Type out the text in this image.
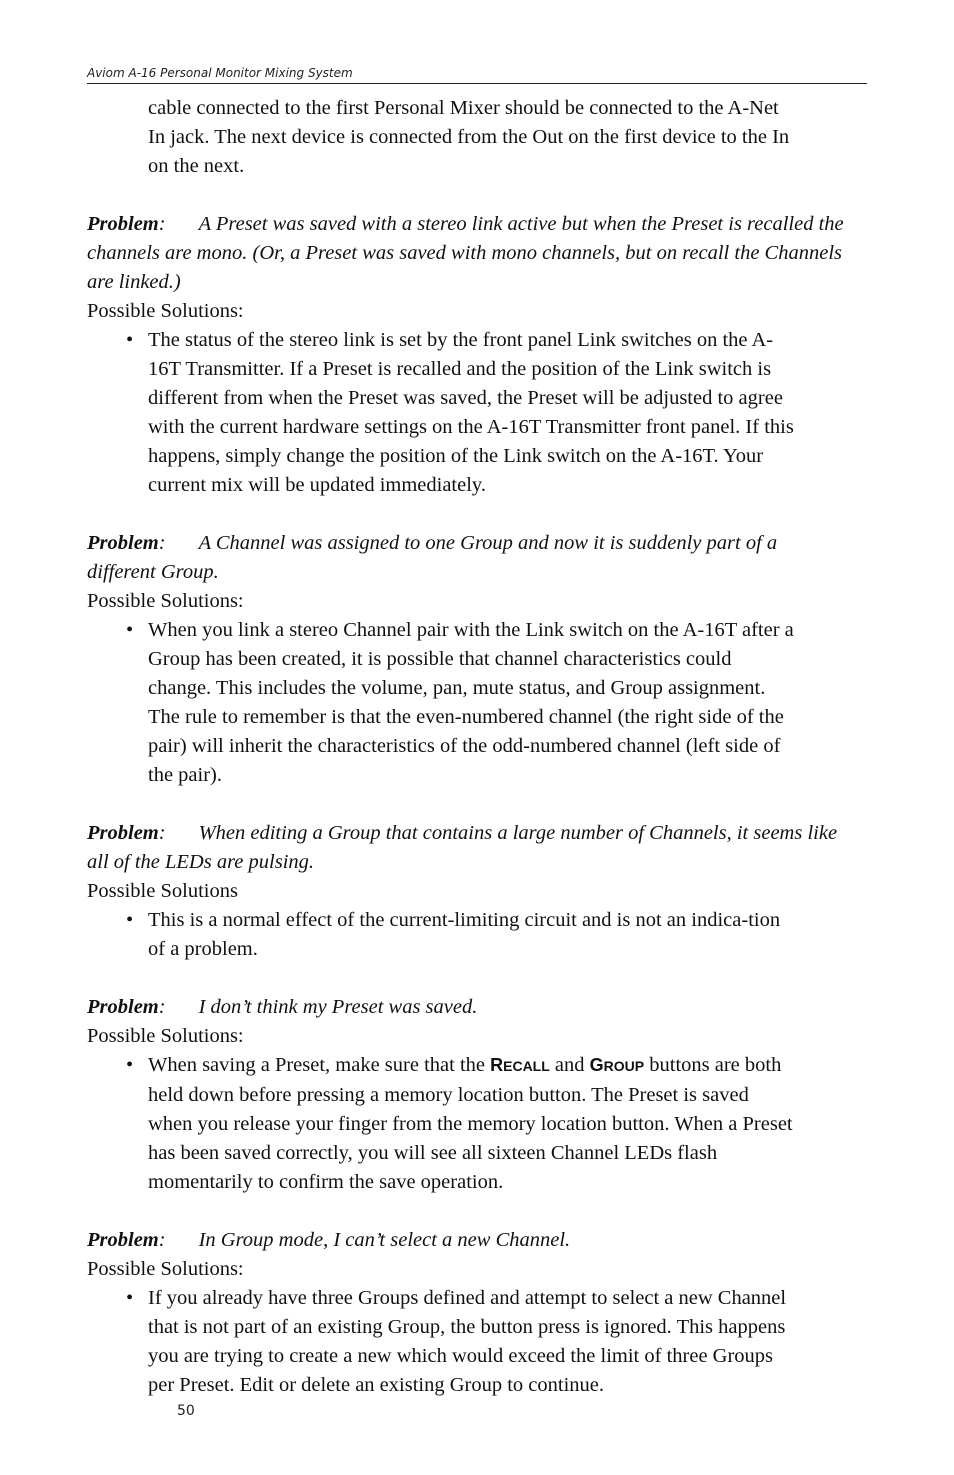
Aviom A-16 Personal Monitor Mixing System

cable connected to the first Personal Mixer should be connected to the A-Net In jack. The next device is connected from the Out on the first device to the In on the next.

Problem: A Preset was saved with a stereo link active but when the Preset is recalled the channels are mono. (Or, a Preset was saved with mono channels, but on recall the Channels are linked.)

Possible Solutions:

• The status of the stereo link is set by the front panel Link switches on the A-16T Transmitter. If a Preset is recalled and the position of the Link switch is different from when the Preset was saved, the Preset will be adjusted to agree with the current hardware settings on the A-16T Transmitter front panel. If this happens, simply change the position of the Link switch on the A-16T. Your current mix will be updated immediately.

Problem: A Channel was assigned to one Group and now it is suddenly part of a different Group.

Possible Solutions:

• When you link a stereo Channel pair with the Link switch on the A-16T after a Group has been created, it is possible that channel characteristics could change. This includes the volume, pan, mute status, and Group assignment. The rule to remember is that the even-numbered channel (the right side of the pair) will inherit the characteristics of the odd-numbered channel (left side of the pair).

Problem: When editing a Group that contains a large number of Channels, it seems like all of the LEDs are pulsing.

Possible Solutions

• This is a normal effect of the current-limiting circuit and is not an indica-tion of a problem.

Problem: I don’t think my Preset was saved.

Possible Solutions:

• When saving a Preset, make sure that the RECALL and GROUP buttons are both held down before pressing a memory location button. The Preset is saved when you release your finger from the memory location button. When a Preset has been saved correctly, you will see all sixteen Channel LEDs flash momentarily to confirm the save operation.

Problem: In Group mode, I can’t select a new Channel.

Possible Solutions:

• If you already have three Groups defined and attempt to select a new Channel that is not part of an existing Group, the button press is ignored. This happens you are trying to create a new which would exceed the limit of three Groups per Preset. Edit or delete an existing Group to continue.
50
